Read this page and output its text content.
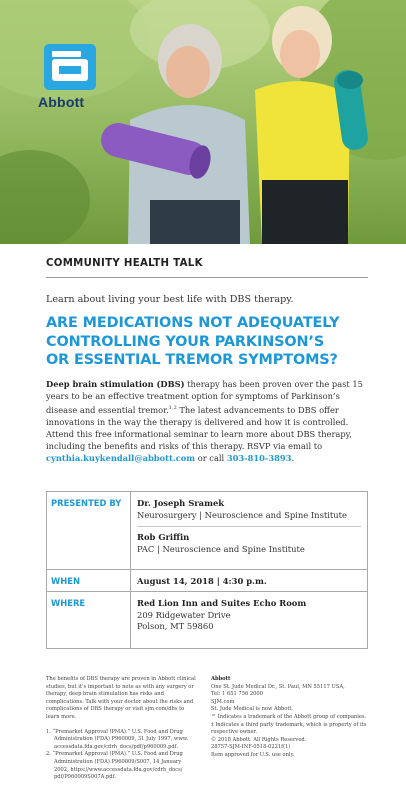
Abbott
COMMUNITY HEALTH TALK
Learn about living your best life with DBS therapy.
ARE MEDICATIONS NOT ADEQUATELY
CONTROLLING YOUR PARKINSON’S
OR ESSENTIAL TREMOR SYMPTOMS?
Deep brain stimulation (DBS) therapy has been proven over the past 15 years to be an effective treatment option for symptoms of Parkinson’s disease and essential tremor.$^{1,2}$ The latest advancements to DBS offer innovations in the way the therapy is delivered and how it is controlled. Attend this free informational seminar to learn more about DBS therapy, including the benefits and risks of this therapy. RSVP via email to cynthia.kuykendall@abbott.com or call 303-810-3893.
PRESENTED BY	Dr. Joseph Sramek
Neurosurgery | Neuroscience and Spine Institute
Rob Griffin
PAC | Neuroscience and Spine Institute
WHEN	August 14, 2018 | 4:30 p.m.
WHERE	Red Lion Inn and Suites Echo Room
209 Ridgewater Drive
Polson, MT 59860

The benefits of DBS therapy are proven in Abbott clinical studies, but it’s important to note as with any surgery or therapy, deep brain stimulation has risks and complications. Talk with your doctor about the risks and complications of DBS therapy or visit sjm.com/dbs to learn more.

1. “Premarket Approval (PMA).” U.S. Food and Drug Administration (FDA) P960009, 31 July 1997, www. accessdata.fda.gov/cdrh_docs/pdf/p960009.pdf.

2. “Premarket Approval (PMA).” U.S. Food and Drug Administration (FDA) P960009/S007, 14 January 2002, https://www.accessdata.fda.gov/cdrh_docs/ pdf/P960009S007A.pdf.

Abbott

One St. Jude Medical Dr., St. Paul, MN 55117 USA,

Tel: 1 651 756 2000

SJM.com

St. Jude Medical is now Abbott.

™ Indicates a trademark of the Abbott group of companies.

‡ Indicates a third party trademark, which is property of its respective owner.

© 2018 Abbott. All Rights Reserved.

28757-SJM-INF-0518-0221f(1)

Item approved for U.S. use only.
